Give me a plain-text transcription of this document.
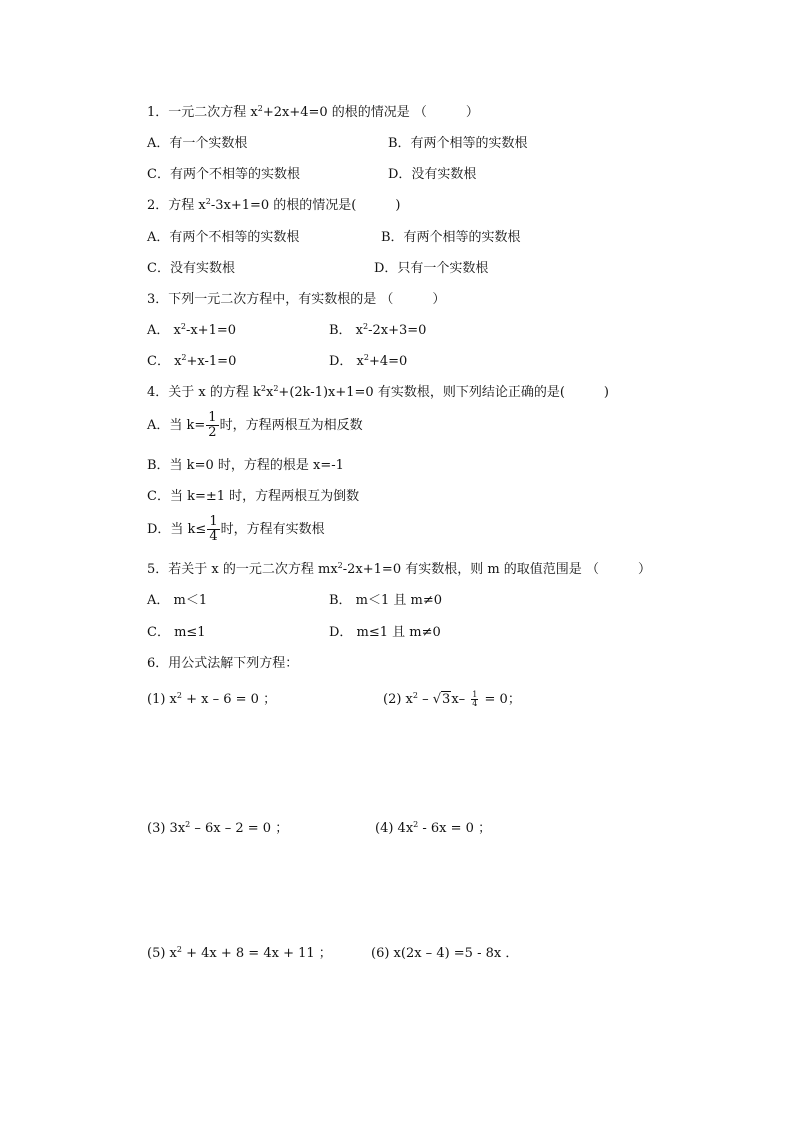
1．一元二次方程 $x^2+2x+4=0$ 的根的情况是 （　　　）
A．有一个实数根	B．有两个相等的实数根
C．有两个不相等的实数根	D．没有实数根
2．方程 $x^2-3x+1=0$ 的根的情况是(　　　)
A．有两个不相等的实数根	B．有两个相等的实数根
C．没有实数根	D．只有一个实数根
3．下列一元二次方程中，有实数根的是 （　　　）
A． $x^2-x+1=0$	B． $x^2-2x+3=0$
C． $x^2+x-1=0$	D． $x^2+4=0$
4．关于 x 的方程 $k^2x^2+(2k-1)x+1=0$ 有实数根，则下列结论正确的是(　　　)
A．当 $k= \frac{1}{2}$ 时，方程两根互为相反数
B．当 k=0 时，方程的根是 x=-1
C．当 k=±1 时，方程两根互为倒数
D．当 $k\le \frac{1}{4}$ 时，方程有实数根
5．若关于 x 的一元二次方程 $mx^2-2x+1=0$ 有实数根，则 m 的取值范围是 （　　　）
A． m＜1	B． m＜1 且 m≠0
C． m≤1	D． m≤1 且 m≠0
6．用公式法解下列方程：
(1) $x^2 + x - 6 = 0$ ；	(2) $x^2 - √3x- \frac{1}{4} = 0$；
(3) $3x^2 - 6x - 2 = 0$ ；	(4) $4x^2 - 6x = 0$ ；
(5) $x^2 + 4x + 8 = 4x + 11$ ；	(6) x(2x – 4) =5 - 8x ．
